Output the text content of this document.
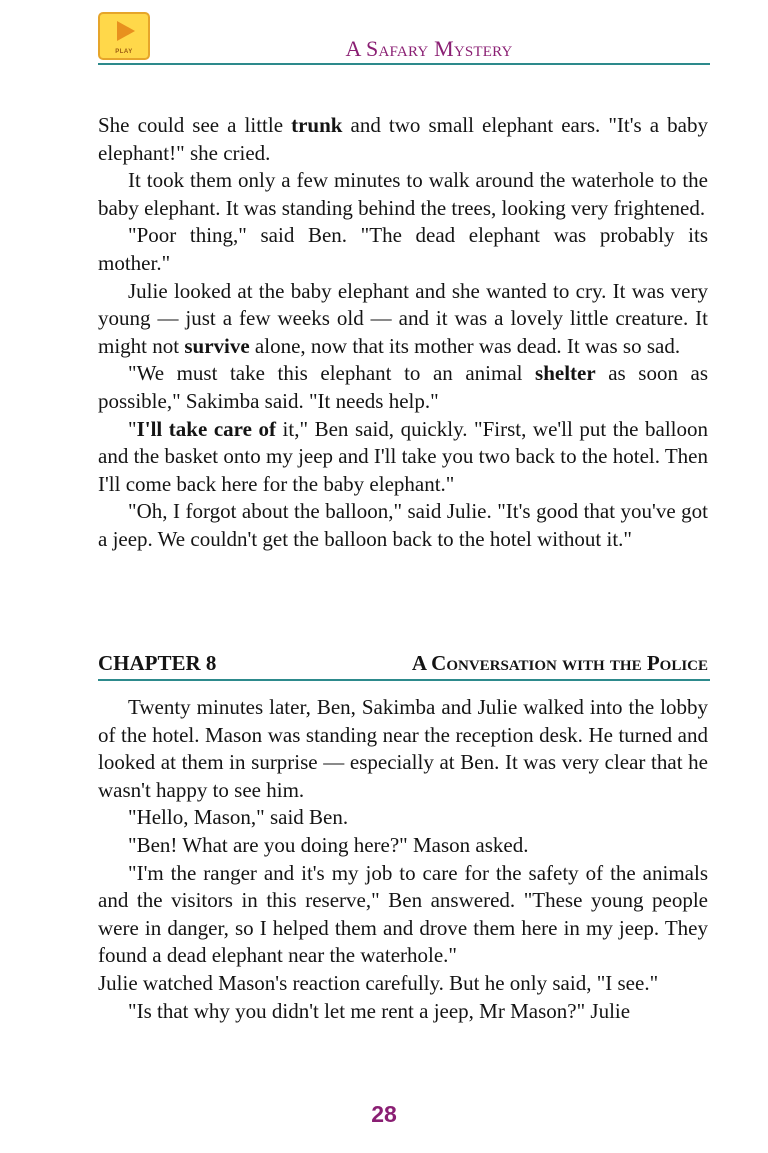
PLAY	A Safary Mystery

She could see a little trunk and two small elephant ears. "It's a baby elephant!" she cried.

It took them only a few minutes to walk around the waterhole to the baby elephant. It was standing behind the trees, looking very frightened.

"Poor thing," said Ben. "The dead elephant was probably its mother."

Julie looked at the baby elephant and she wanted to cry. It was very young — just a few weeks old — and it was a lovely little creature. It might not survive alone, now that its mother was dead. It was so sad.

"We must take this elephant to an animal shelter as soon as possible," Sakimba said. "It needs help."

"I'll take care of it," Ben said, quickly. "First, we'll put the balloon and the basket onto my jeep and I'll take you two back to the hotel. Then I'll come back here for the baby elephant."

"Oh, I forgot about the balloon," said Julie. "It's good that you've got a jeep. We couldn't get the balloon back to the hotel without it."

CHAPTER 8	A Conversation with the Police

Twenty minutes later, Ben, Sakimba and Julie walked into the lobby of the hotel. Mason was standing near the reception desk. He turned and looked at them in surprise — especially at Ben. It was very clear that he wasn't happy to see him.

"Hello, Mason," said Ben.

"Ben! What are you doing here?" Mason asked.

"I'm the ranger and it's my job to care for the safety of the animals and the visitors in this reserve," Ben answered. "These young people were in danger, so I helped them and drove them here in my jeep. They found a dead elephant near the waterhole."

Julie watched Mason's reaction carefully. But he only said, "I see."

"Is that why you didn't let me rent a jeep, Mr Mason?" Julie

28
